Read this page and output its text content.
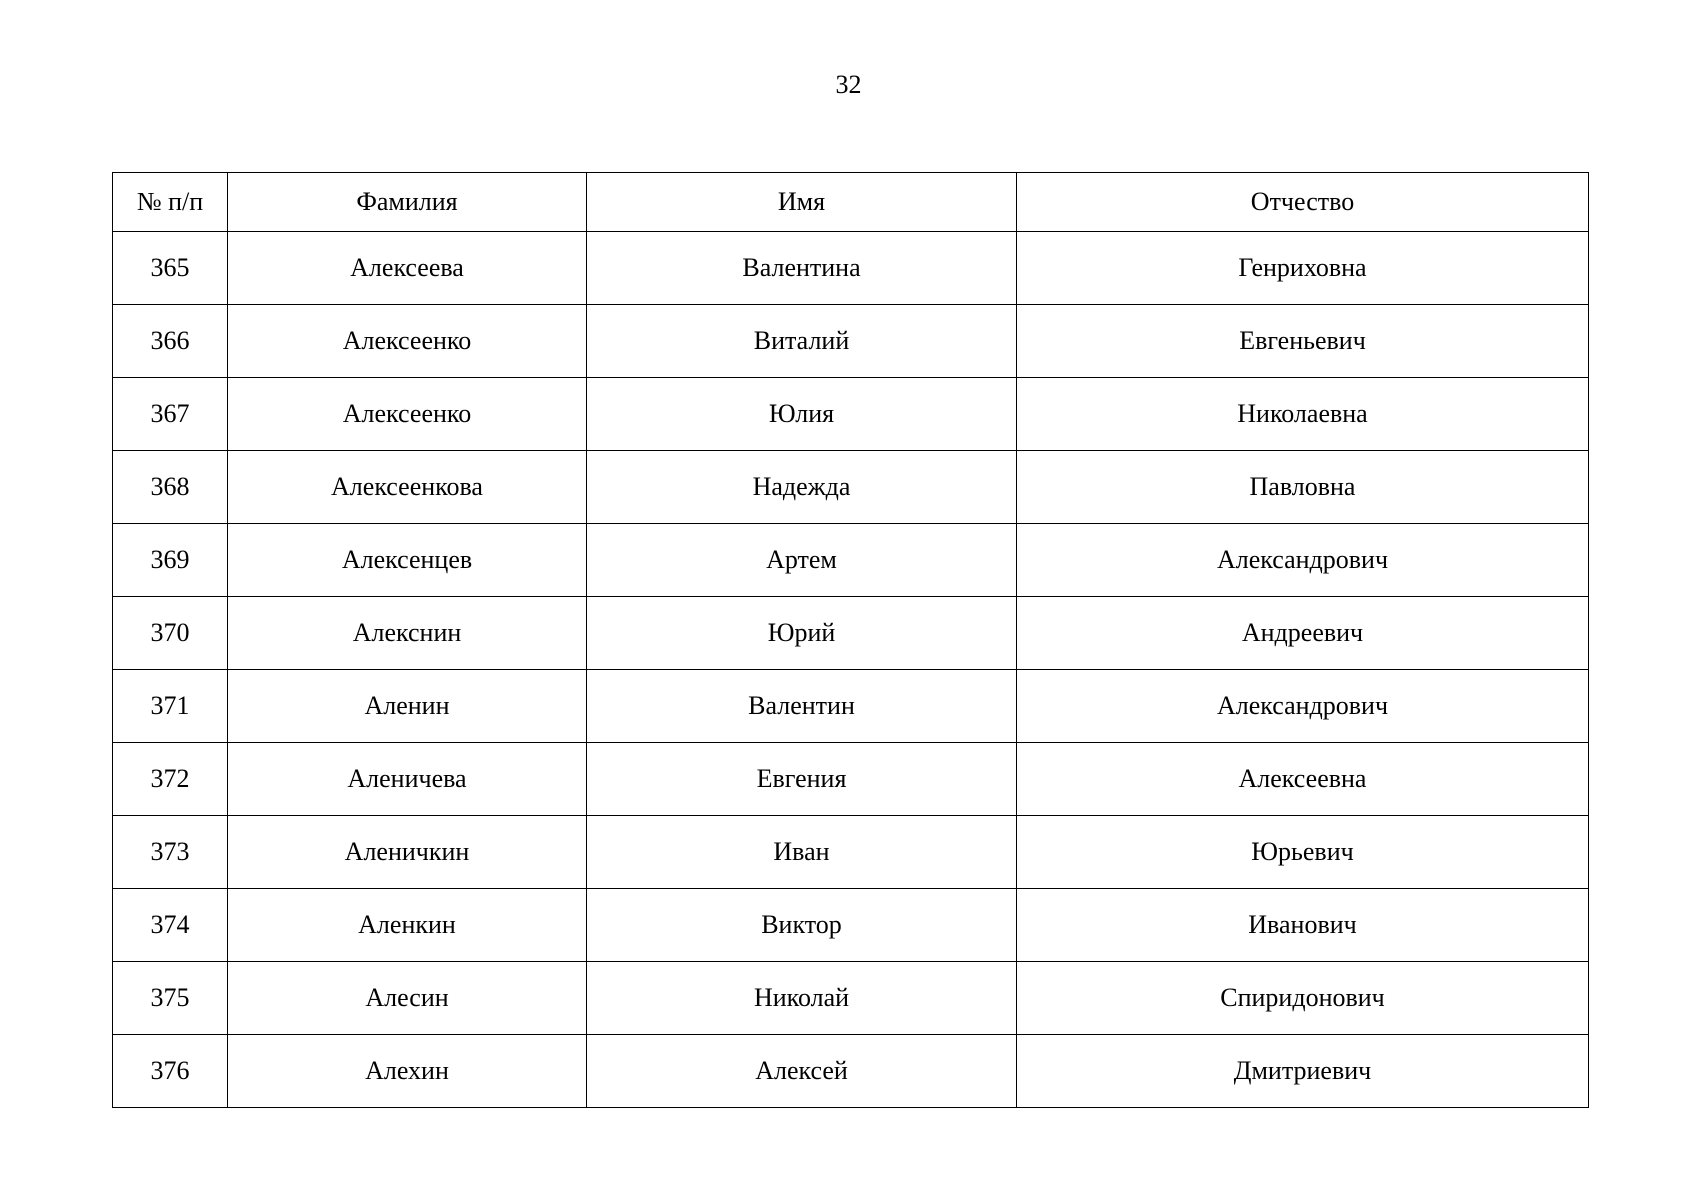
32
№ п/п	Фамилия	Имя	Отчество
365	Алексеева	Валентина	Генриховна
366	Алексеенко	Виталий	Евгеньевич
367	Алексеенко	Юлия	Николаевна
368	Алексеенкова	Надежда	Павловна
369	Алексенцев	Артем	Александрович
370	Алекснин	Юрий	Андреевич
371	Аленин	Валентин	Александрович
372	Аленичева	Евгения	Алексеевна
373	Аленичкин	Иван	Юрьевич
374	Аленкин	Виктор	Иванович
375	Алесин	Николай	Спиридонович
376	Алехин	Алексей	Дмитриевич
